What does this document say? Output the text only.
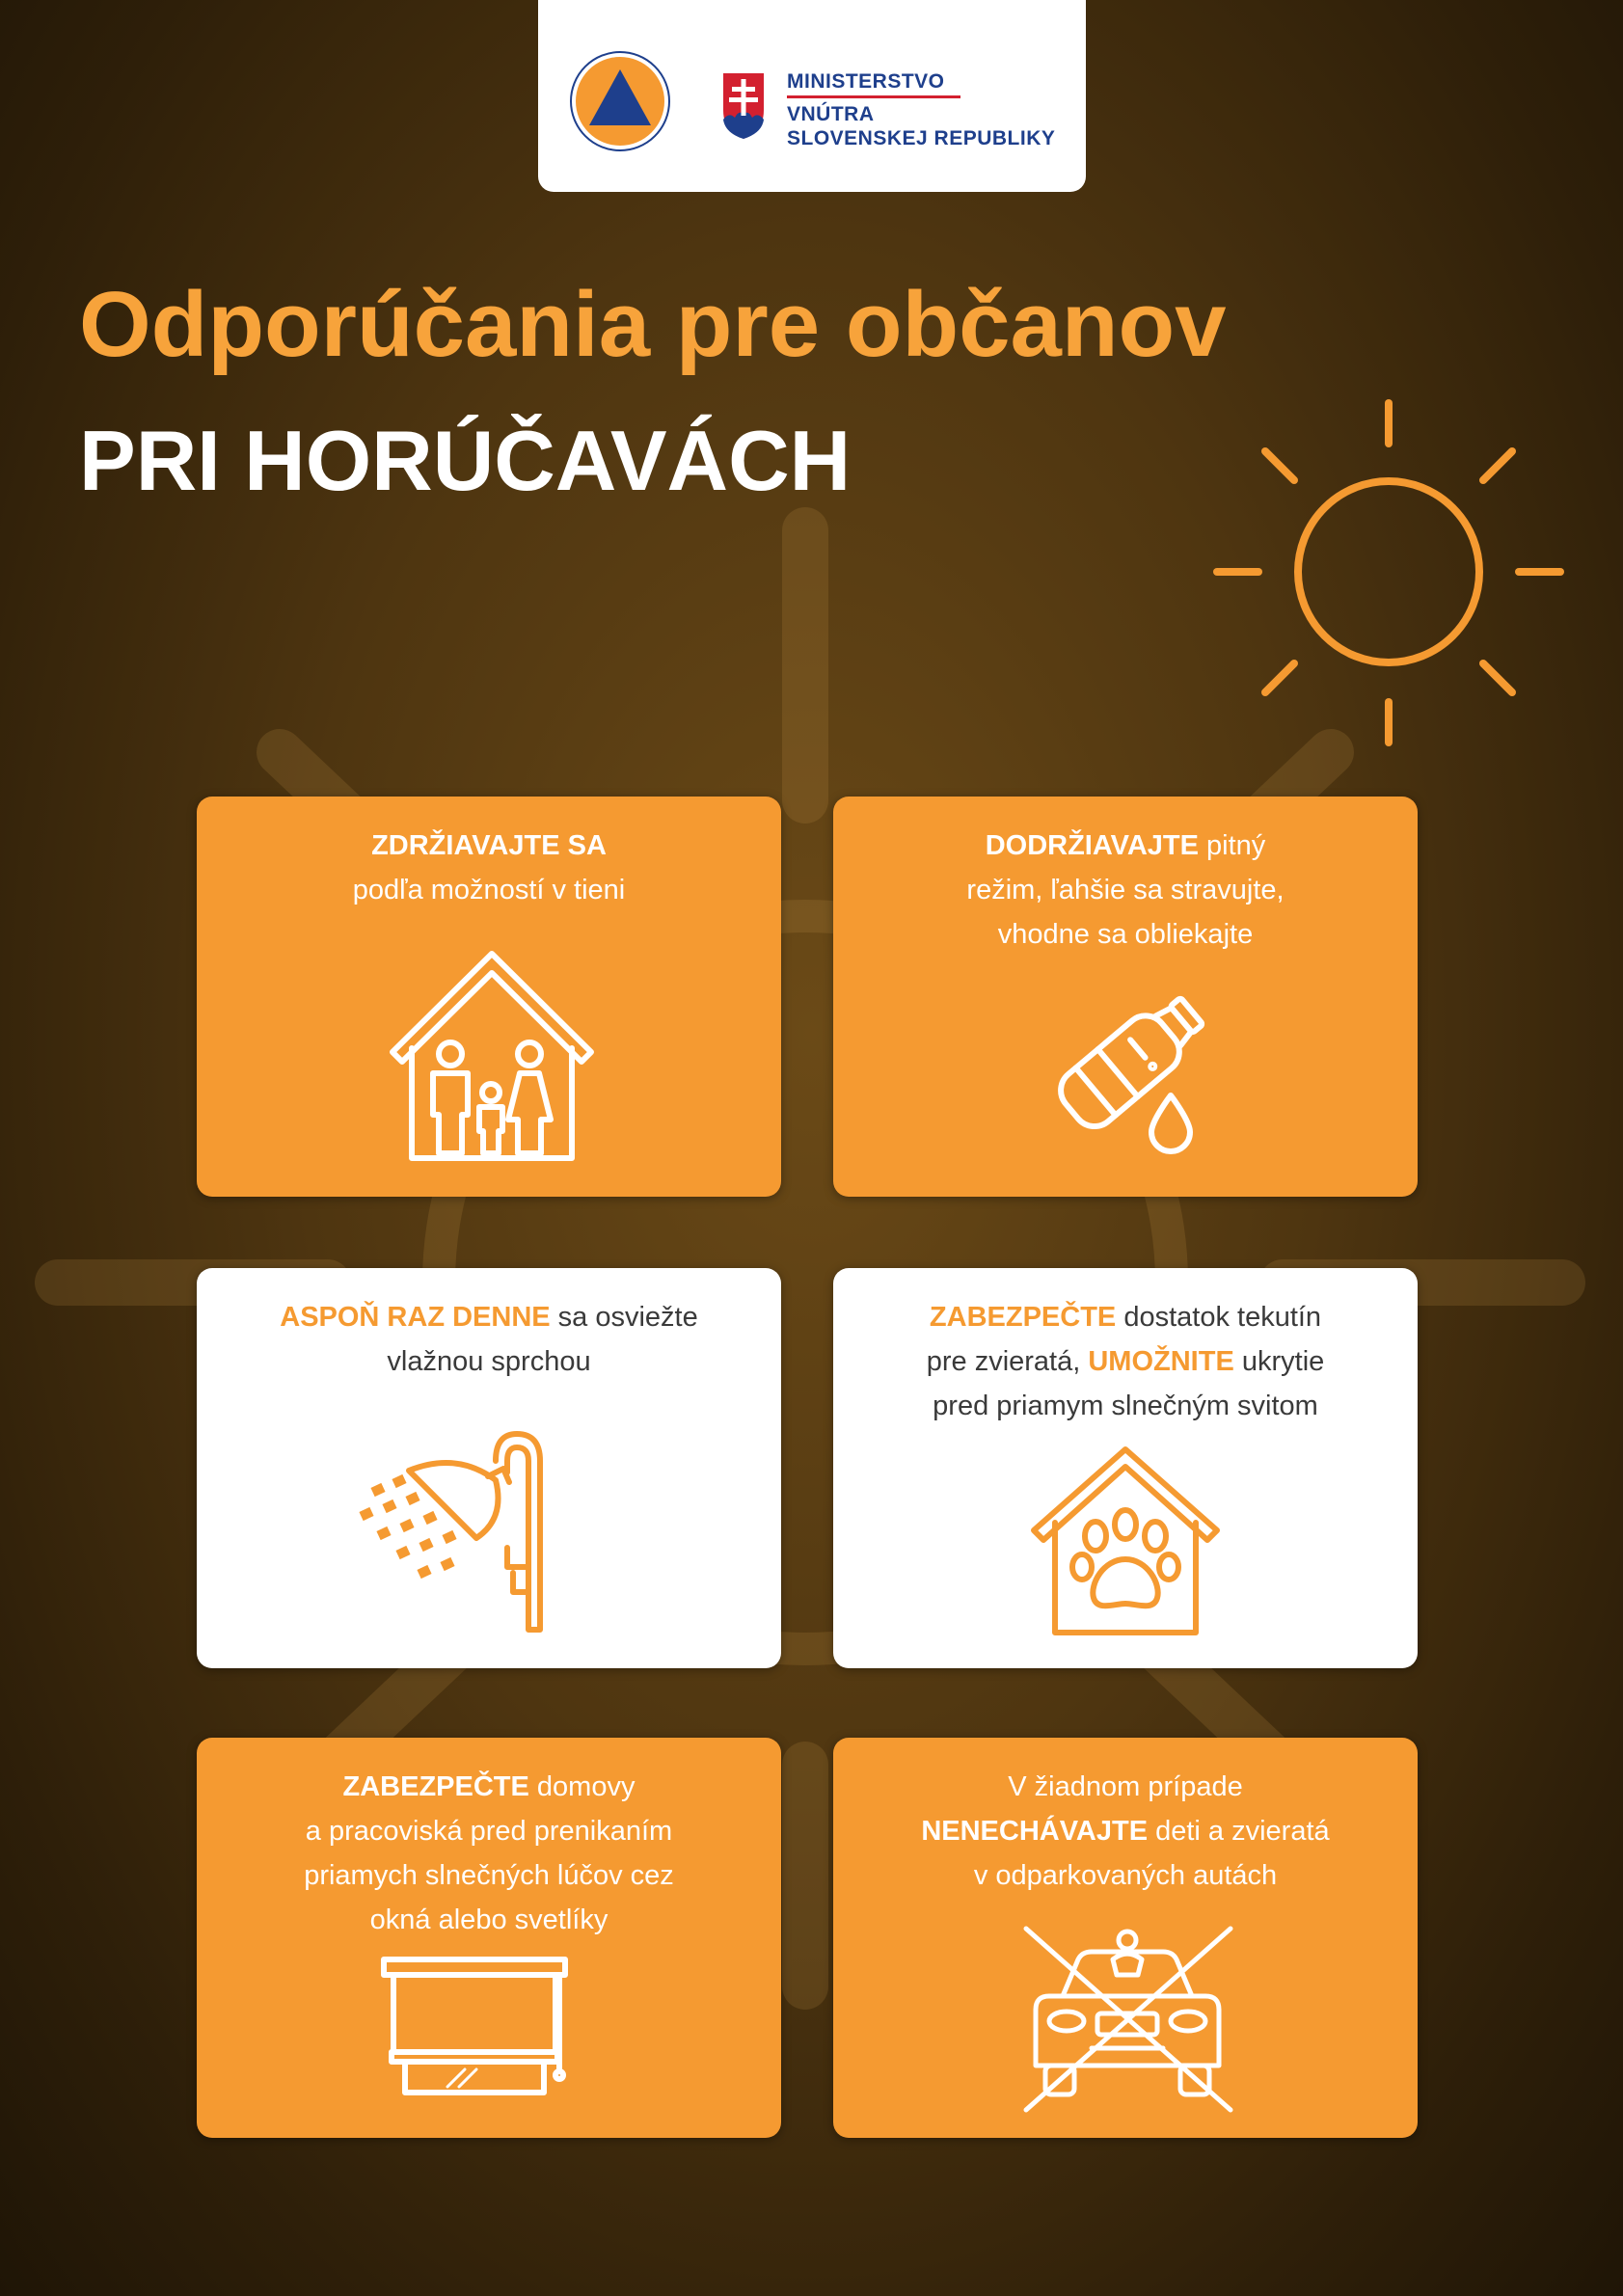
MINISTERSTVO
VNÚTRA
SLOVENSKEJ REPUBLIKY
Odporúčania pre občanov
PRI HORÚČAVÁCH
ZDRŽIAVAJTE SA
podľa možností v tieni
DODRŽIAVAJTE pitný
režim, ľahšie sa stravujte,
vhodne sa obliekajte
ASPOŇ RAZ DENNE sa osviežte
vlažnou sprchou
ZABEZPEČTE dostatok tekutín
pre zvieratá, UMOŽNITE ukrytie
pred priamym slnečným svitom
ZABEZPEČTE domovy
a pracoviská pred prenikaním
priamych slnečných lúčov cez
okná alebo svetlíky
V žiadnom prípade
NENECHÁVAJTE deti a zvieratá
v odparkovaných autách
